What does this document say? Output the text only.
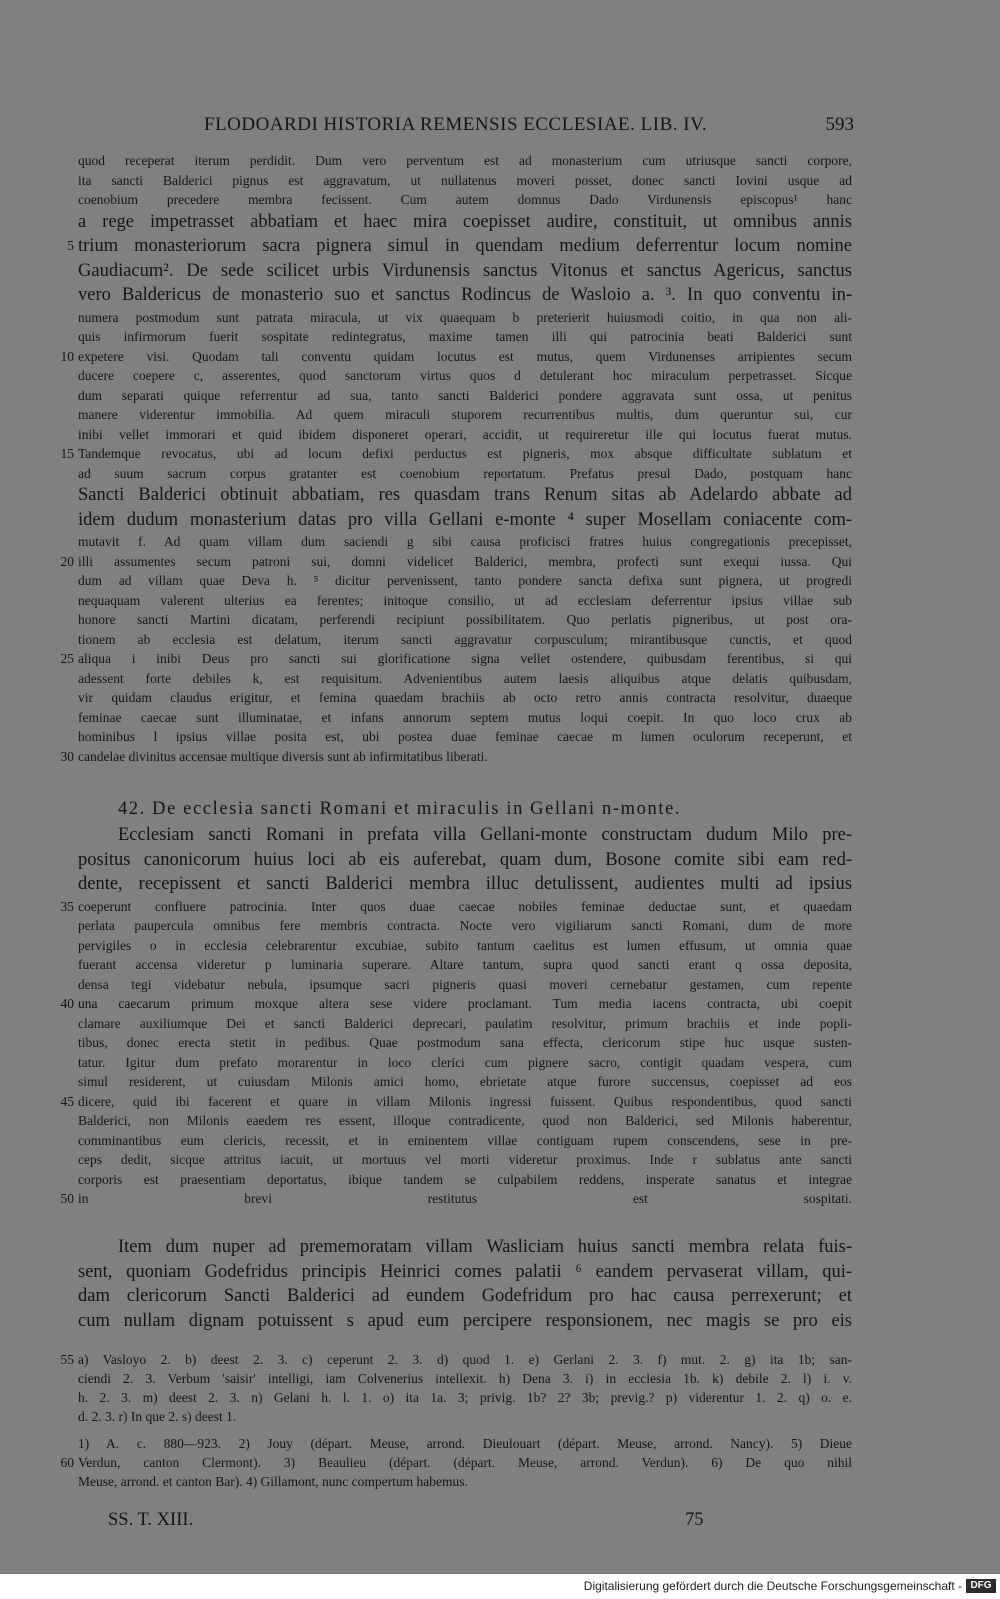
FLODOARDI HISTORIA REMENSIS ECCLESIAE. LIB. IV.	593
quod receperat iterum perdidit. Dum vero perventum est ad monasterium cum utriusque sancti corpore,
ita sancti Balderici pignus est aggravatum, ut nullatenus moveri posset, donec sancti Iovini usque ad
coenobium precedere membra fecissent. Cum autem domnus Dado Virdunensis episcopus¹ hanc
a rege impetrasset abbatiam et haec mira coepisset audire, constituit, ut omnibus annis
5 trium monasteriorum sacra pignera simul in quendam medium deferrentur locum nomine
Gaudiacum². De sede scilicet urbis Virdunensis sanctus Vitonus et sanctus Agericus, sanctus
vero Baldericus de monasterio suo et sanctus Rodincus de Wasloio a. ³. In quo conventu in-
numera postmodum sunt patrata miracula, ut vix quaequam b preterierit huiusmodi coitio, in qua non ali-
quis infirmorum fuerit sospitate redintegratus, maxime tamen illi qui patrocinia beati Balderici sunt
10 expetere visi. Quodam tali conventu quidam locutus est mutus, quem Virdunenses arripientes secum
ducere coepere c, asserentes, quod sanctorum virtus quos d detulerant hoc miraculum perpetrasset. Sicque
dum separati quique referrentur ad sua, tanto sancti Balderici pondere aggravata sunt ossa, ut penitus
manere viderentur immobilia. Ad quem miraculi stuporem recurrentibus multis, dum queruntur sui, cur
inibi vellet immorari et quid ibidem disponeret operari, accidit, ut requireretur ille qui locutus fuerat mutus.
15 Tandemque revocatus, ubi ad locum defixi perductus est pigneris, mox absque difficultate sublatum et
ad suum sacrum corpus gratanter est coenobium reportatum. Prefatus presul Dado, postquam hanc
Sancti Balderici obtinuit abbatiam, res quasdam trans Renum sitas ab Adelardo abbate ad
idem dudum monasterium datas pro villa Gellani e-monte ⁴ super Mosellam coniacente com-
mutavit f. Ad quam villam dum saciendi g sibi causa proficisci fratres huius congregationis precepisset,
20 illi assumentes secum patroni sui, domni videlicet Balderici, membra, profecti sunt exequi iussa. Qui
dum ad villam quae Deva h. ⁵ dicitur pervenissent, tanto pondere sancta defixa sunt pignera, ut progredi
nequaquam valerent ulterius ea ferentes; initoque consilio, ut ad ecclesiam deferrentur ipsius villae sub
honore sancti Martini dicatam, perferendi recipiunt possibilitatem. Quo perlatis pigneribus, ut post ora-
tionem ab ecclesia est delatum, iterum sancti aggravatur corpusculum; mirantibusque cunctis, et quod
25 aliqua i inibi Deus pro sancti sui glorificatione signa vellet ostendere, quibusdam ferentibus, si qui
adessent forte debiles k, est requisitum. Advenientibus autem laesis aliquibus atque delatis quibusdam,
vir quidam claudus erigitur, et femina quaedam brachiis ab octo retro annis contracta resolvitur, duaeque
feminae caecae sunt illuminatae, et infans annorum septem mutus loqui coepit. In quo loco crux ab
hominibus l ipsius villae posita est, ubi postea duae feminae caecae m lumen oculorum receperunt, et
30 candelae divinitus accensae multique diversis sunt ab infirmitatibus liberati.
42. De ecclesia sancti Romani et miraculis in Gellani n-monte.
Ecclesiam sancti Romani in prefata villa Gellani-monte constructam dudum Milo pre-
positus canonicorum huius loci ab eis auferebat, quam dum, Bosone comite sibi eam red-
dente, recepissent et sancti Balderici membra illuc detulissent, audientes multi ad ipsius
35 coeperunt confluere patrocinia. Inter quos duae caecae nobiles feminae deductae sunt, et quaedam
perlata paupercula omnibus fere membris contracta. Nocte vero vigiliarum sancti Romani, dum de more
pervigiles o in ecclesia celebrarentur excubiae, subito tantum caelitus est lumen effusum, ut omnia quae
fuerant accensa videretur p luminaria superare. Altare tantum, supra quod sancti erant q ossa deposita,
densa tegi videbatur nebula, ipsumque sacri pigneris quasi moveri cernebatur gestamen, cum repente
40 una caecarum primum moxque altera sese videre proclamant. Tum media iacens contracta, ubi coepit
clamare auxiliumque Dei et sancti Balderici deprecari, paulatim resolvitur, primum brachiis et inde popli-
tibus, donec erecta stetit in pedibus. Quae postmodum sana effecta, clericorum stipe huc usque susten-
tatur. Igitur dum prefato morarentur in loco clerici cum pignere sacro, contigit quadam vespera, cum
simul residerent, ut cuiusdam Milonis amici homo, ebrietate atque furore succensus, coepisset ad eos
45 dicere, quid ibi facerent et quare in villam Milonis ingressi fuissent. Quibus respondentibus, quod sancti
Balderici, non Milonis eaedem res essent, illoque contradicente, quod non Balderici, sed Milonis haberentur,
comminantibus eum clericis, recessit, et in eminentem villae contiguam rupem conscendens, sese in pre-
ceps dedit, sicque attritus iacuit, ut mortuus vel morti videretur proximus. Inde r sublatus ante sancti
corporis est praesentiam deportatus, ibique tandem se culpabilem reddens, insperate sanatus et integrae
50 in brevi restitutus est sospitati.
Item dum nuper ad prememoratam villam Wasliciam huius sancti membra relata fuis-
sent, quoniam Godefridus principis Heinrici comes palatii ⁶ eandem pervaserat villam, qui-
dam clericorum Sancti Balderici ad eundem Godefridum pro hac causa perrexerunt; et
cum nullam dignam potuissent s apud eum percipere responsionem, nec magis se pro eis
55 a) Vasloyo 2. b) deest 2. 3. c) ceperunt 2. 3. d) quod 1. e) Gerlani 2. 3. f) mut. 2. g) ita 1b; san-
ciendi 2. 3. Verbum 'saisir' intelligi, iam Colvenerius intellexit. h) Dena 3. i) in ecclesia 1b. k) debile 2. l) i. v.
h. 2. 3. m) deest 2. 3. n) Gelani h. l. 1. o) ita 1a. 3; privig. 1b? 2? 3b; previg.? p) viderentur 1. 2. q) o. e.
d. 2. 3. r) In que 2. s) deest 1.
1) A. c. 880—923. 2) Jouy (départ. Meuse, arrond. Dieulouart (départ. Meuse, arrond. Nancy). 5) Dieue
60 Verdun, canton Clermont). 3) Beaulieu (départ. (départ. Meuse, arrond. Verdun). 6) De quo nihil
Meuse, arrond. et canton Bar). 4) Gillamont, nunc compertum habemus.
SS. T. XIII.	75
Digitalisierung gefördert durch die Deutsche Forschungsgemeinschaft - DFG
